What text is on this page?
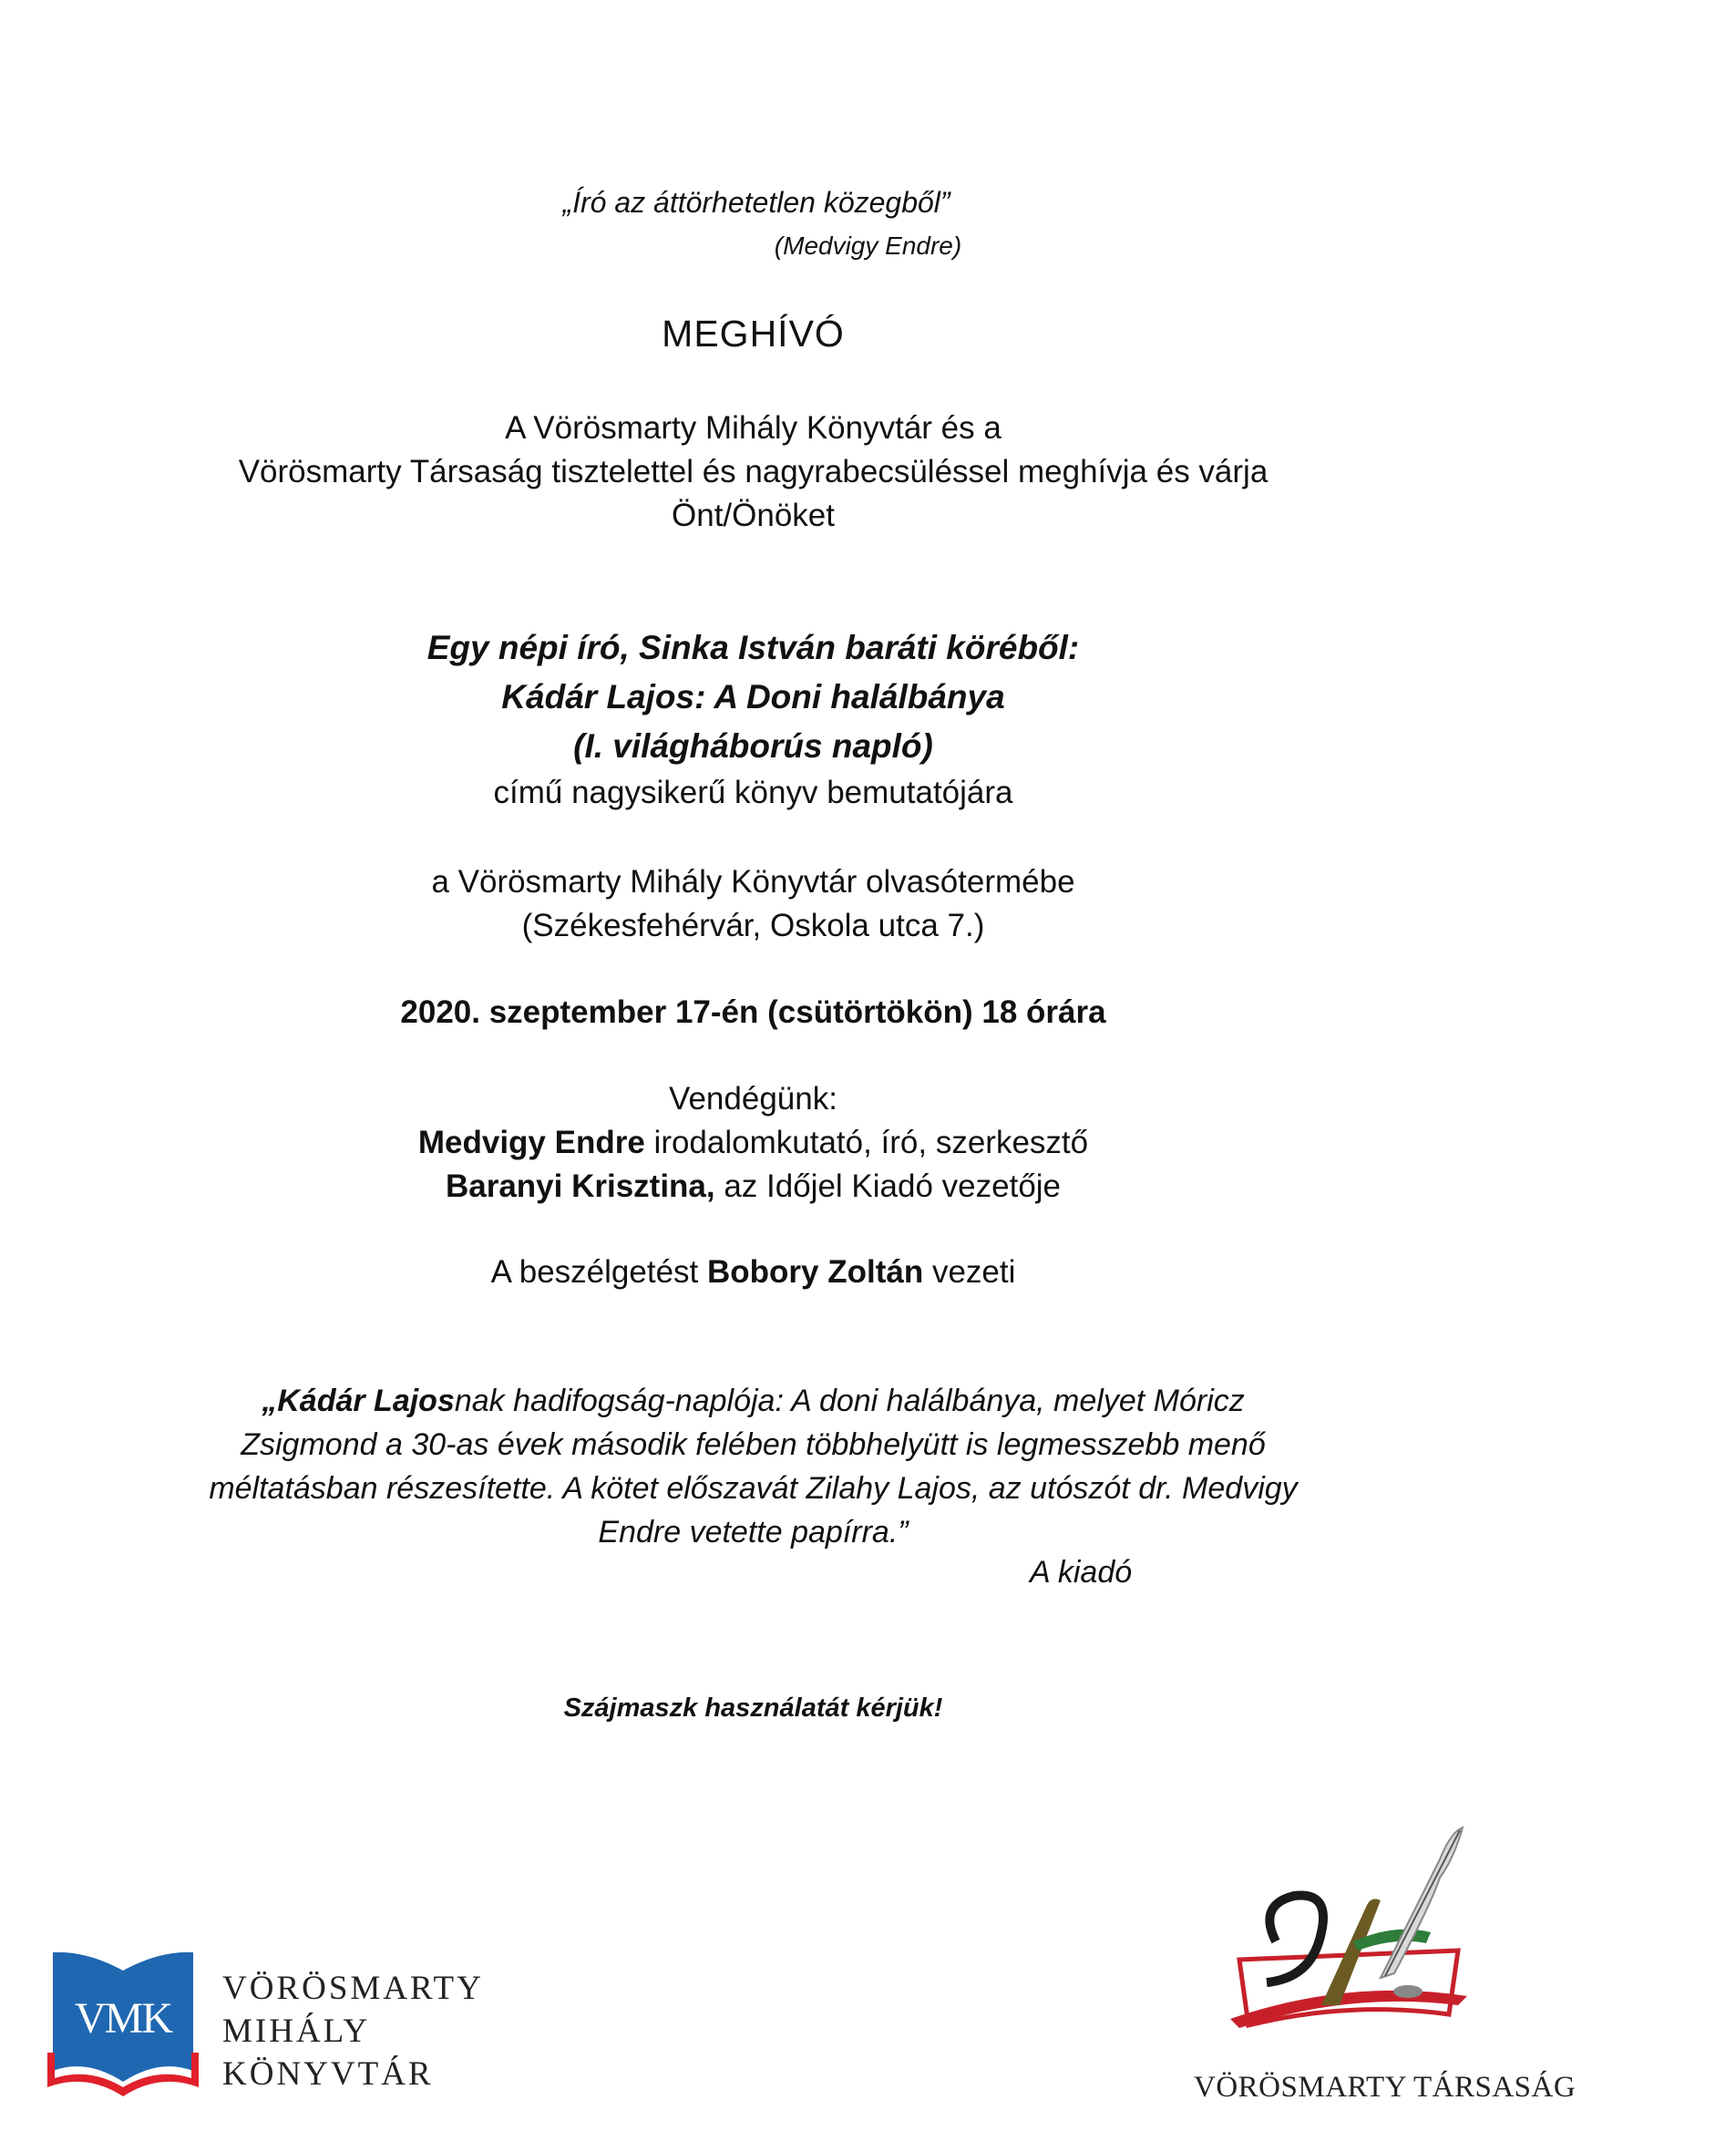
„Író az áttörhetetlen közegből”
(Medvigy Endre)
MEGHÍVÓ
A Vörösmarty Mihály Könyvtár és a
Vörösmarty Társaság tisztelettel és nagyrabecsüléssel meghívja és várja
Önt/Önöket
Egy népi író, Sinka István baráti köréből:
Kádár Lajos: A Doni halálbánya
(I. világháborús napló)
című nagysikerű könyv bemutatójára
a Vörösmarty Mihály Könyvtár olvasótermébe
(Székesfehérvár, Oskola utca 7.)
2020. szeptember 17-én (csütörtökön) 18 órára
Vendégünk:
Medvigy Endre irodalomkutató, író, szerkesztő
Baranyi Krisztina, az Időjel Kiadó vezetője
A beszélgetést Bobory Zoltán vezeti
„Kádár Lajosnak hadifogság-naplója: A doni halálbánya, melyet Móricz
Zsigmond a 30-as évek második felében többhelyütt is legmesszebb menő
méltatásban részesítette. A kötet előszavát Zilahy Lajos, az utószót dr. Medvigy
Endre vetette papírra.”
A kiadó
Szájmaszk használatát kérjük!
VMK
VÖRÖSMARTY
MIHÁLY
KÖNYVTÁR	VÖRÖSMARTY TÁRSASÁG
